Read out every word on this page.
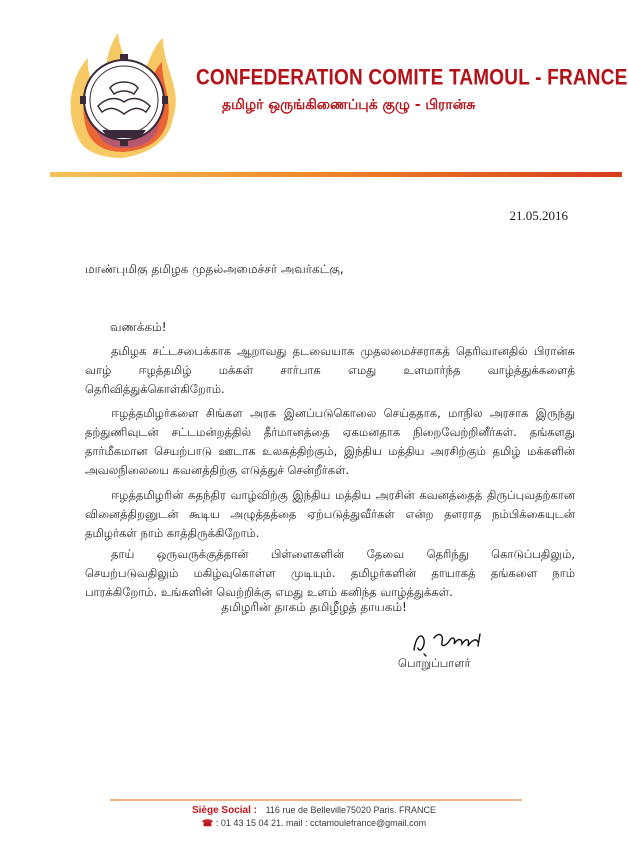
CONFEDERATION COMITE TAMOUL - FRANCE
தமிழர் ஒருங்கிணைப்புக் குழு - பிரான்சு
21.05.2016
மாண்புமிகு தமிழக முதல்அமைச்சர் அவர்கட்கு,
வணக்கம்!

தமிழக சட்டசபைக்காக ஆறாவது தடவையாக முதலமைச்சராகத் தெரிவானதில் பிரான்சு வாழ் ஈழத்தமிழ் மக்கள் சார்பாக எமது உளமார்ந்த வாழ்த்துக்களைத் தெரிவித்துக்கொள்கிறோம்.

ஈழத்தமிழர்களை சிங்கள அரசு இனப்படுகொலை செய்ததாக, மாநில அரசாக இருந்து தற்துணிவுடன் சட்டமன்றத்தில் தீர்மானத்தை ஏகமனதாக நிறைவேற்றினீர்கள். தங்களது தார்மீகமான செயற்பாடு ஊடாக உலகத்திற்கும், இந்திய மத்திய அரசிற்கும் தமிழ் மக்களின் அவலநிலையை கவனத்திற்கு எடுத்துச் சென்றீர்கள்.

ஈழத்தமிழரின் சுதந்திர வாழ்விற்கு இந்திய மத்திய அரசின் கவனத்தைத் திருப்புவதற்கான வினைத்திறனுடன் கூடிய அழுத்தத்தை ஏற்படுத்துவீர்கள் என்ற தளராத நம்பிக்கையுடன் தமிழர்கள் நாம் காத்திருக்கிறோம்.

தாய் ஒருவருக்குத்தான் பிள்ளைகளின் தேவை தெரிந்து கொடுப்பதிலும், செயற்படுவதிலும் மகிழ்வுகொள்ள முடியும். தமிழர்களின் தாயாகத் தங்களை நாம் பாரக்கிறோம். உங்களின் வெற்றிக்கு எமது உளம் கனிந்த வாழ்த்துக்கள்.

தமிழரின் தாகம் தமிழீழத் தாயகம்!
பொறுப்பாளர்
Siège Social : 116 rue de Belleville75020 Paris. FRANCE
☎ : 01 43 15 04 21. mail : cctamoulefrance@gmail.com
